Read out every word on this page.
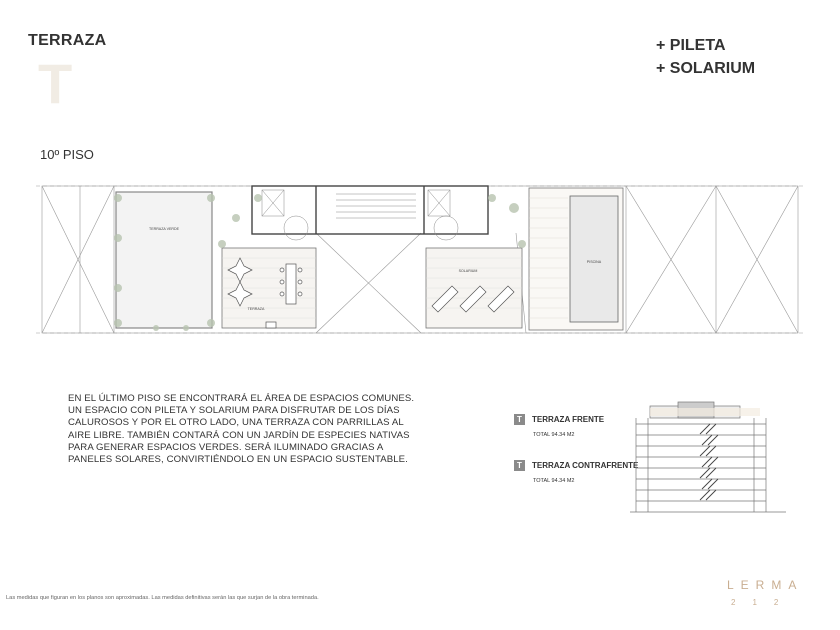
TERRAZA
T
+ PILETA
+ SOLARIUM
10º PISO
TERRAZA VERDE
TERRAZA
SOLARIUM
PISCINA
EN EL ÚLTIMO PISO SE ENCONTRARÁ EL ÁREA DE ESPACIOS COMUNES. UN ESPACIO CON PILETA Y SOLARIUM PARA DISFRUTAR DE LOS DÍAS CALUROSOS Y POR EL OTRO LADO, UNA TERRAZA CON PARRILLAS AL AIRE LIBRE. TAMBIÉN CONTARÁ CON UN JARDÍN DE ESPECIES NATIVAS PARA GENERAR ESPACIOS VERDES. SERÁ ILUMINADO GRACIAS A PANELES SOLARES, CONVIRTIÉNDOLO EN UN ESPACIO SUSTENTABLE.
T	TERRAZA FRENTE
TOTAL 94.34 M2
T	TERRAZA CONTRAFRENTE
TOTAL 94.34 M2
Las medidas que figuran en los planos son aproximadas. Las medidas definitivas serán las que surjan de la obra terminada.
LERMA
212
